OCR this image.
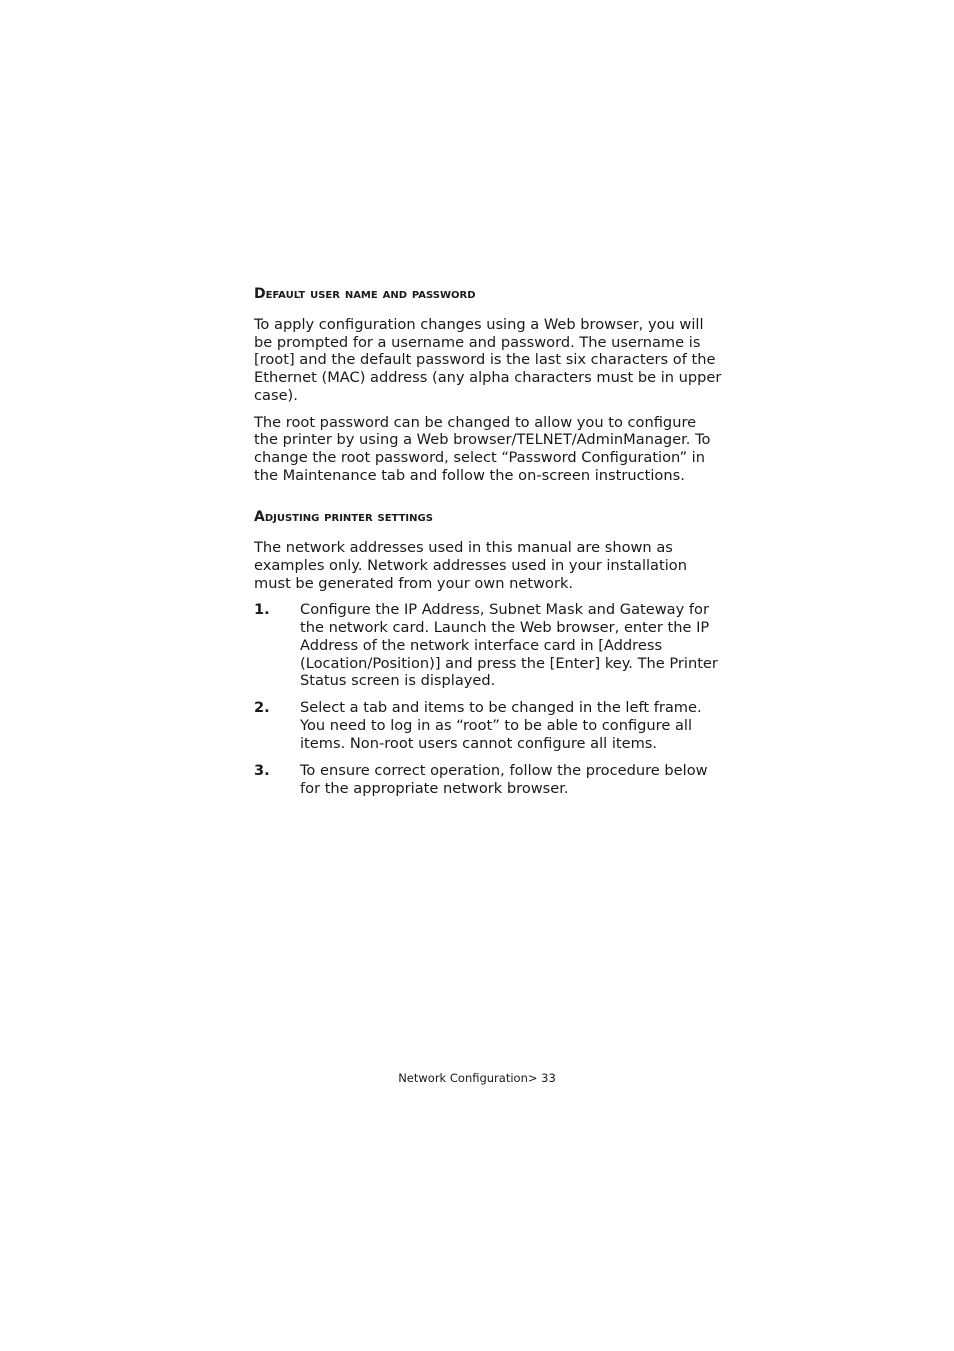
Default user name and password

To apply configuration changes using a Web browser, you will be prompted for a username and password. The username is [root] and the default password is the last six characters of the Ethernet (MAC) address (any alpha characters must be in upper case).

The root password can be changed to allow you to configure the printer by using a Web browser/TELNET/AdminManager. To change the root password, select “Password Configuration” in the Maintenance tab and follow the on-screen instructions.

Adjusting printer settings

The network addresses used in this manual are shown as examples only. Network addresses used in your installation must be generated from your own network.

1. Configure the IP Address, Subnet Mask and Gateway for the network card. Launch the Web browser, enter the IP Address of the network interface card in [Address (Location/Position)] and press the [Enter] key. The Printer Status screen is displayed.
2. Select a tab and items to be changed in the left frame. You need to log in as “root” to be able to configure all items. Non-root users cannot configure all items.
3. To ensure correct operation, follow the procedure below for the appropriate network browser.
Network Configuration> 33
